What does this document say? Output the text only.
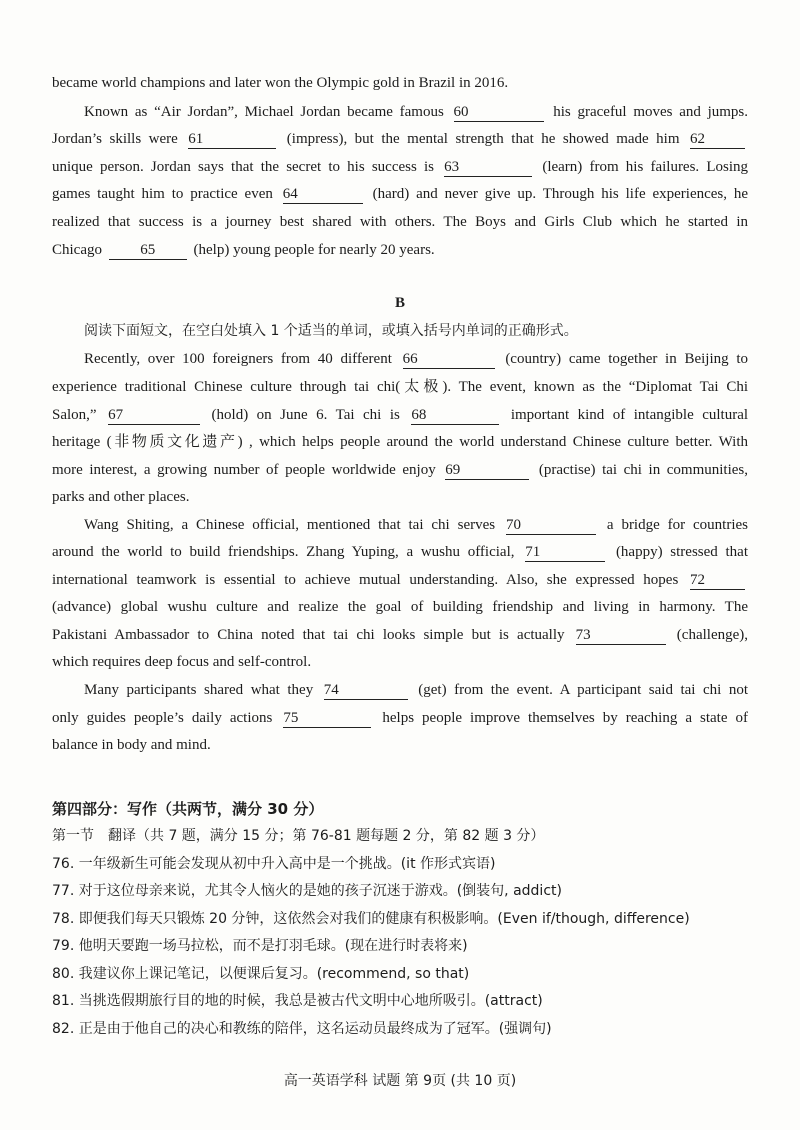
became world champions and later won the Olympic gold in Brazil in 2016.
Known as “Air Jordan”, Michael Jordan became famous 60	his graceful moves and jumps.
Jordan’s skills were 61	(impress), but the mental strength that he showed made him 62
unique person. Jordan says that the secret to his success is 63	(learn) from his failures. Losing
games taught him to practice even 64	(hard) and never give up. Through his life experiences, he
realized that success is a journey best shared with others. The Boys and Girls Club which he started in
Chicago	65	(help) young people for nearly 20 years.
B
阅读下面短文，在空白处填入 1 个适当的单词，或填入括号内单词的正确形式。
Recently, over 100 foreigners from 40 different 66	(country) came together in Beijing to
experience traditional Chinese culture through tai chi(太极). The event, known as the “Diplomat Tai Chi
Salon,” 67	(hold) on June 6. Tai chi is 68	important kind of intangible cultural
heritage (非物质文化遗产) , which helps people around the world understand Chinese culture better. With
more interest, a growing number of people worldwide enjoy 69	(practise) tai chi in communities,
parks and other places.
Wang Shiting, a Chinese official, mentioned that tai chi serves 70	a bridge for countries
around the world to build friendships. Zhang Yuping, a wushu official, 71	(happy) stressed that
international teamwork is essential to achieve mutual understanding. Also, she expressed hopes 72
(advance) global wushu culture and realize the goal of building friendship and living in harmony. The
Pakistani Ambassador to China noted that tai chi looks simple but is actually 73	(challenge),
which requires deep focus and self-control.
Many participants shared what they 74	(get) from the event. A participant said tai chi not
only guides people’s daily actions 75	helps people improve themselves by reaching a state of
balance in body and mind.
第四部分：写作（共两节，满分 30 分）
第一节　翻译（共 7 题，满分 15 分；第 76-81 题每题 2 分，第 82 题 3 分）
76. 一年级新生可能会发现从初中升入高中是一个挑战。(it 作形式宾语)
77. 对于这位母亲来说，尤其令人恼火的是她的孩子沉迷于游戏。(倒装句, addict)
78. 即便我们每天只锻炼 20 分钟，这依然会对我们的健康有积极影响。(Even if/though, difference)
79. 他明天要跑一场马拉松，而不是打羽毛球。(现在进行时表将来)
80. 我建议你上课记笔记，以便课后复习。(recommend, so that)
81. 当挑选假期旅行目的地的时候，我总是被古代文明中心地所吸引。(attract)
82. 正是由于他自己的决心和教练的陪伴，这名运动员最终成为了冠军。(强调句)
高一英语学科 试题 第 9页 (共 10 页)
